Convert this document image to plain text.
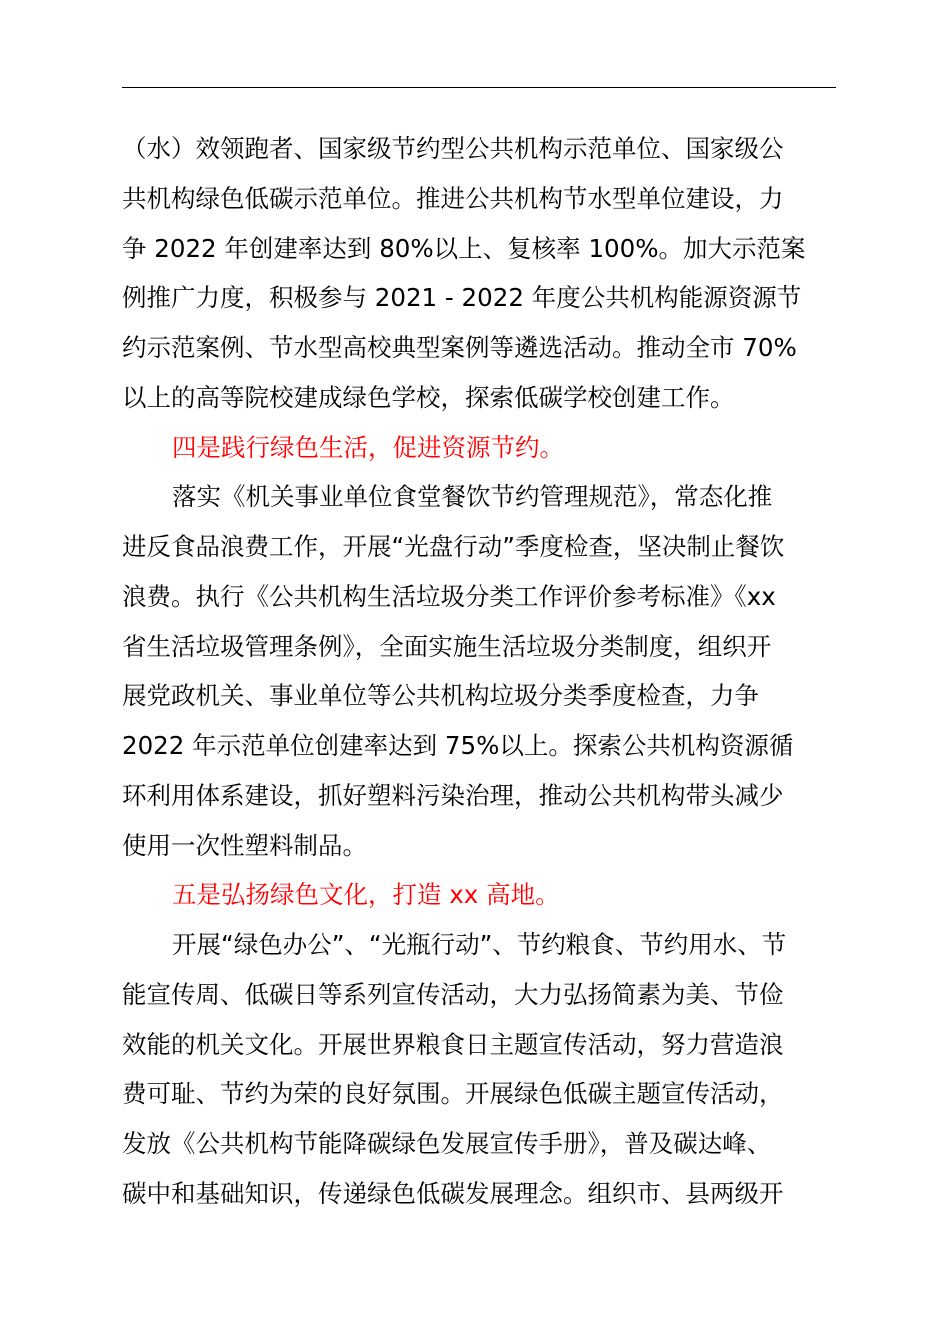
（水）效领跑者、国家级节约型公共机构示范单位、国家级公
共机构绿色低碳示范单位。推进公共机构节水型单位建设，力
争 2022 年创建率达到 80%以上、复核率 100%。加大示范案
例推广力度，积极参与 2021 - 2022 年度公共机构能源资源节
约示范案例、节水型高校典型案例等遴选活动。推动全市 70%
以上的高等院校建成绿色学校，探索低碳学校创建工作。
四是践行绿色生活，促进资源节约。
落实《机关事业单位食堂餐饮节约管理规范》，常态化推
进反食品浪费工作，开展“光盘行动”季度检查，坚决制止餐饮
浪费。执行《公共机构生活垃圾分类工作评价参考标准》《xx
省生活垃圾管理条例》，全面实施生活垃圾分类制度，组织开
展党政机关、事业单位等公共机构垃圾分类季度检查，力争
2022 年示范单位创建率达到 75%以上。探索公共机构资源循
环利用体系建设，抓好塑料污染治理，推动公共机构带头减少
使用一次性塑料制品。
五是弘扬绿色文化，打造 xx 高地。
开展“绿色办公”、“光瓶行动”、节约粮食、节约用水、节
能宣传周、低碳日等系列宣传活动，大力弘扬简素为美、节俭
效能的机关文化。开展世界粮食日主题宣传活动，努力营造浪
费可耻、节约为荣的良好氛围。开展绿色低碳主题宣传活动，
发放《公共机构节能降碳绿色发展宣传手册》，普及碳达峰、
碳中和基础知识，传递绿色低碳发展理念。组织市、县两级开
